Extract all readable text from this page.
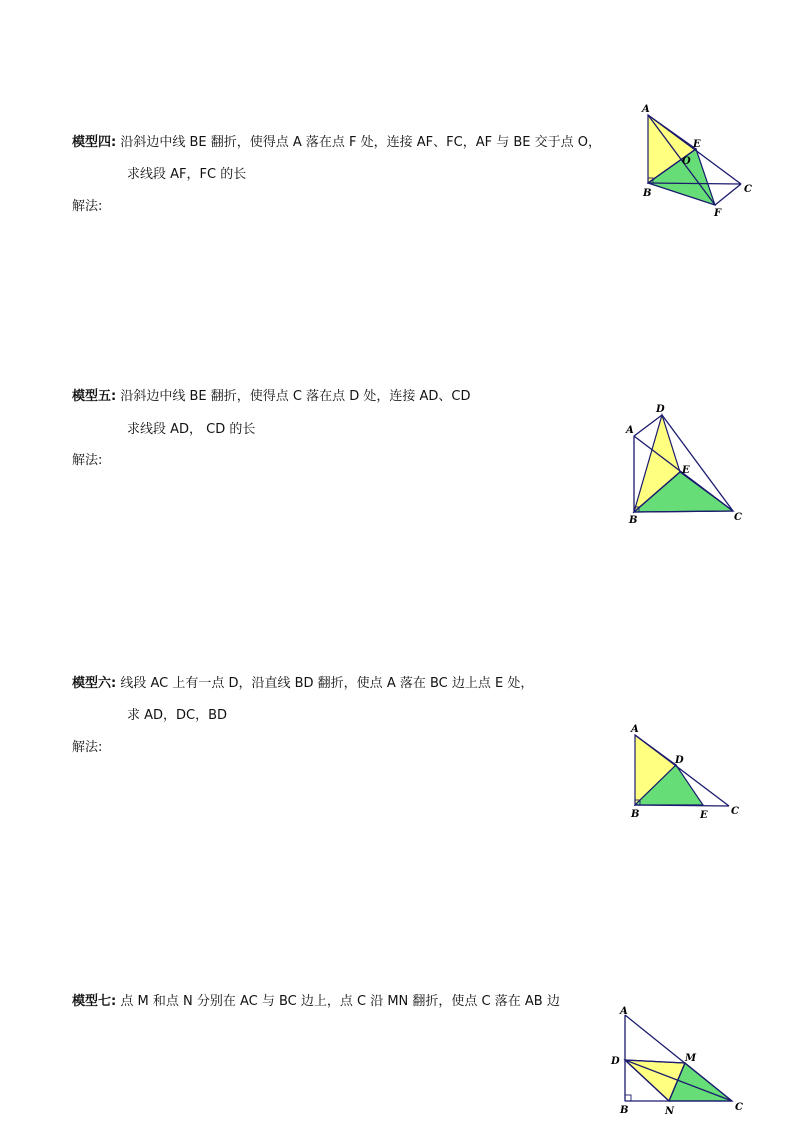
模型四: 沿斜边中线 BE 翻折，使得点 A 落在点 F 处，连接 AF、FC，AF 与 BE 交于点 O，
求线段 AF，FC 的长
解法:
A
B	C
E
F
O
模型五: 沿斜边中线 BE 翻折，使得点 C 落在点 D 处，连接 AD、CD
求线段 AD， CD 的长
解法:
A
B	C
D
E
模型六: 线段 AC 上有一点 D，沿直线 BD 翻折，使点 A 落在 BC 边上点 E 处，
求 AD，DC，BD
解法:
A
B	C
D
E
模型七: 点 M 和点 N 分别在 AC 与 BC 边上，点 C 沿 MN 翻折，使点 C 落在 AB 边
A
B	C
D	M
N
